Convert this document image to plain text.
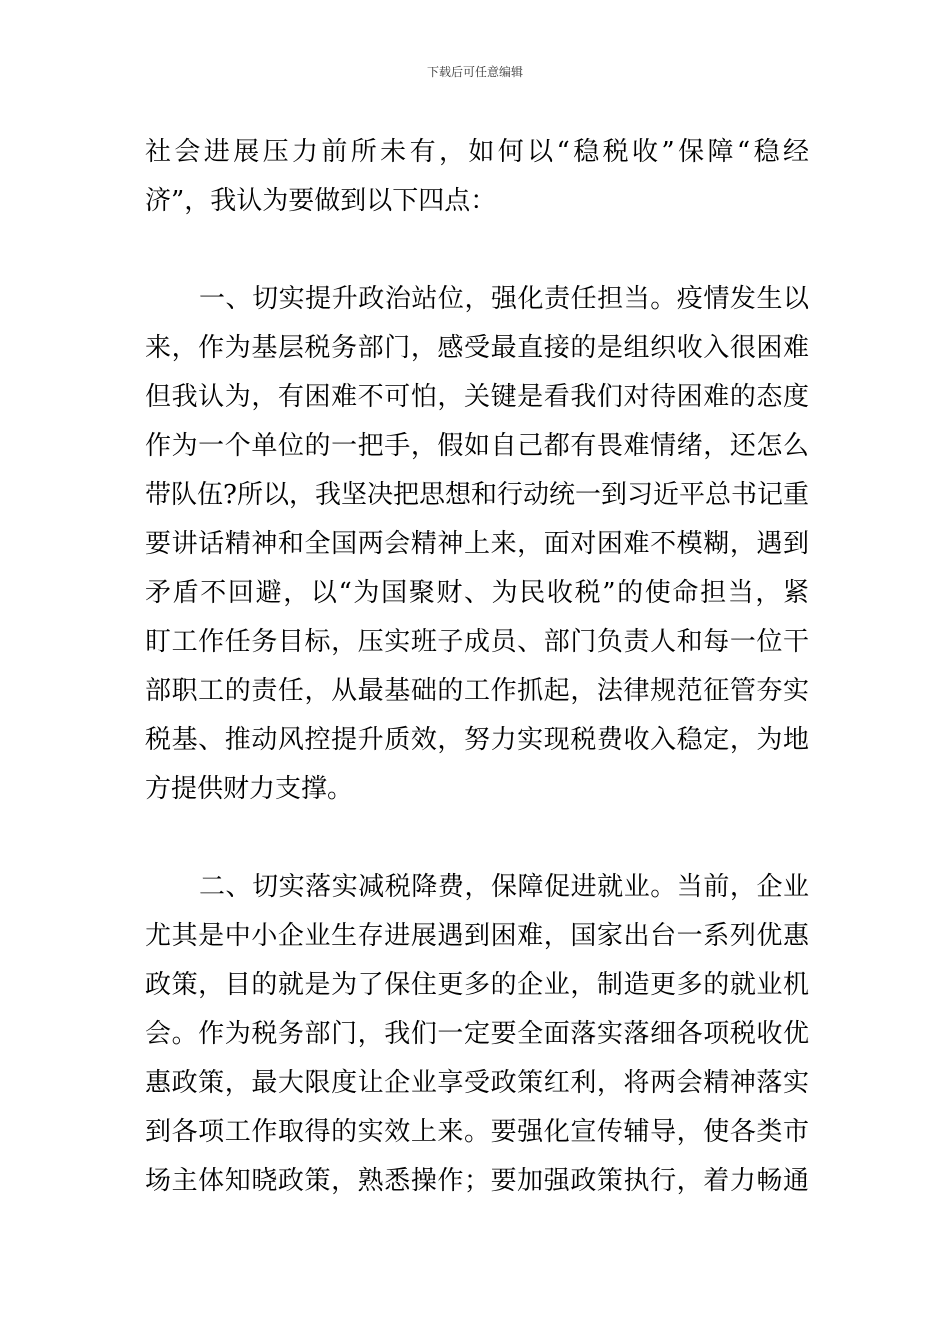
下载后可任意编辑
社会进展压力前所未有，如何以“稳税收”保障“稳经
济”，我认为要做到以下四点：
一、切实提升政治站位，强化责任担当。疫情发生以
来，作为基层税务部门，感受最直接的是组织收入很困难
但我认为，有困难不可怕，关键是看我们对待困难的态度
作为一个单位的一把手，假如自己都有畏难情绪，还怎么
带队伍?所以，我坚决把思想和行动统一到习近平总书记重
要讲话精神和全国两会精神上来，面对困难不模糊，遇到
矛盾不回避，以“为国聚财、为民收税”的使命担当，紧
盯工作任务目标，压实班子成员、部门负责人和每一位干
部职工的责任，从最基础的工作抓起，法律规范征管夯实
税基、推动风控提升质效，努力实现税费收入稳定，为地
方提供财力支撑。
二、切实落实减税降费，保障促进就业。当前，企业
尤其是中小企业生存进展遇到困难，国家出台一系列优惠
政策，目的就是为了保住更多的企业，制造更多的就业机
会。作为税务部门，我们一定要全面落实落细各项税收优
惠政策，最大限度让企业享受政策红利，将两会精神落实
到各项工作取得的实效上来。要强化宣传辅导，使各类市
场主体知晓政策，熟悉操作；要加强政策执行，着力畅通
